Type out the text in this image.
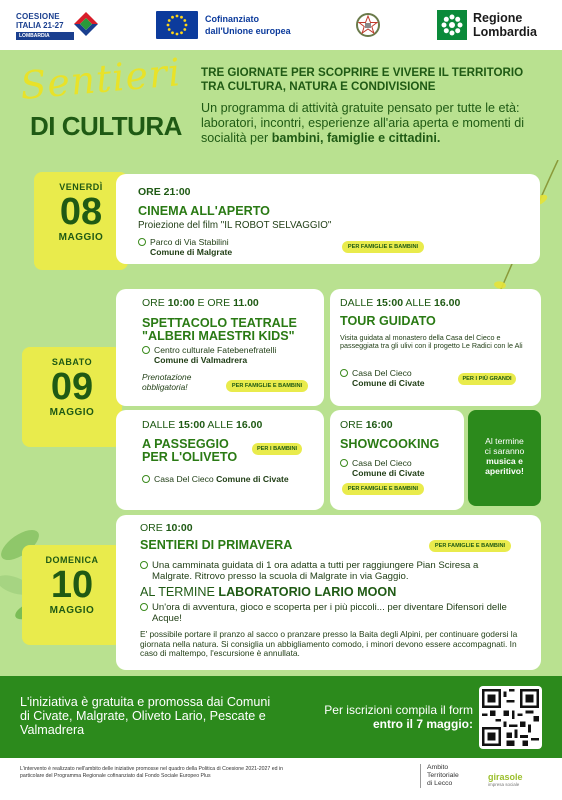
COESIONE
ITALIA 21-27
LOMBARDIA
Cofinanziato
dall'Unione europea
Regione
Lombardia
Sentieri
DI CULTURA
TRE GIORNATE PER SCOPRIRE E VIVERE IL TERRITORIO TRA CULTURA, NATURA E CONDIVISIONE
Un programma di attività gratuite pensato per tutte le età: laboratori, incontri, esperienze all'aria aperta e momenti di socialità per bambini, famiglie e cittadini.
VENERDÌ
08
MAGGIO
ORE 21:00
CINEMA ALL'APERTO
Proiezione del film "IL ROBOT SELVAGGIO"
Parco di Via Stabilini
Comune di Malgrate	PER FAMIGLIE E BAMBINI
SABATO
09
MAGGIO
ORE 10:00 E ORE 11.00
SPETTACOLO TEATRALE
"ALBERI MAESTRI KIDS"
Centro culturale Fatebenefratelli
Comune di Valmadrera
Prenotazione
obbligatoria!	PER FAMIGLIE E BAMBINI
DALLE 15:00 ALLE 16.00
TOUR GUIDATO
Visita guidata al monastero della Casa del Cieco e passeggiata tra gli ulivi con il progetto Le Radici con le Ali
Casa Del Cieco
Comune di Civate	PER I PIÙ GRANDI
DALLE 15:00 ALLE 16.00
A PASSEGGIO
PER L'OLIVETO
PER I BAMBINI
Casa Del Cieco Comune di Civate
ORE 16:00
SHOWCOOKING
Casa Del Cieco
Comune di Civate
PER FAMIGLIE E BAMBINI
Al termine
ci saranno
musica e
aperitivo!
DOMENICA
10
MAGGIO
ORE 10:00
SENTIERI DI PRIMAVERA	PER FAMIGLIE E BAMBINI
Una camminata guidata di 1 ora adatta a tutti per raggiungere Pian Sciresa a Malgrate. Ritrovo presso la scuola di Malgrate in via Gaggio.
AL TERMINE LABORATORIO LARIO MOON
Un'ora di avventura, gioco e scoperta per i più piccoli... per diventare Difensori delle Acque!
E' possibile portare il pranzo al sacco o pranzare presso la Baita degli Alpini, per continuare godersi la giornata nella natura. Si consiglia un abbigliamento comodo, i minori devono essere accompagnati. In caso di maltempo, l'escursione è annullata.
L'iniziativa è gratuita e promossa dai Comuni di Civate, Malgrate, Oliveto Lario, Pescate e Valmadrera
Per iscrizioni compila il form entro il 7 maggio:
L'intervento è realizzato nell'ambito delle iniziative promosse nel quadro della Politica di Coesione 2021-2027 ed in particolare del Programma Regionale cofinanziato dal Fondo Sociale Europeo Plus
Ambito
Territoriale
di Lecco
girasole
impresa sociale
